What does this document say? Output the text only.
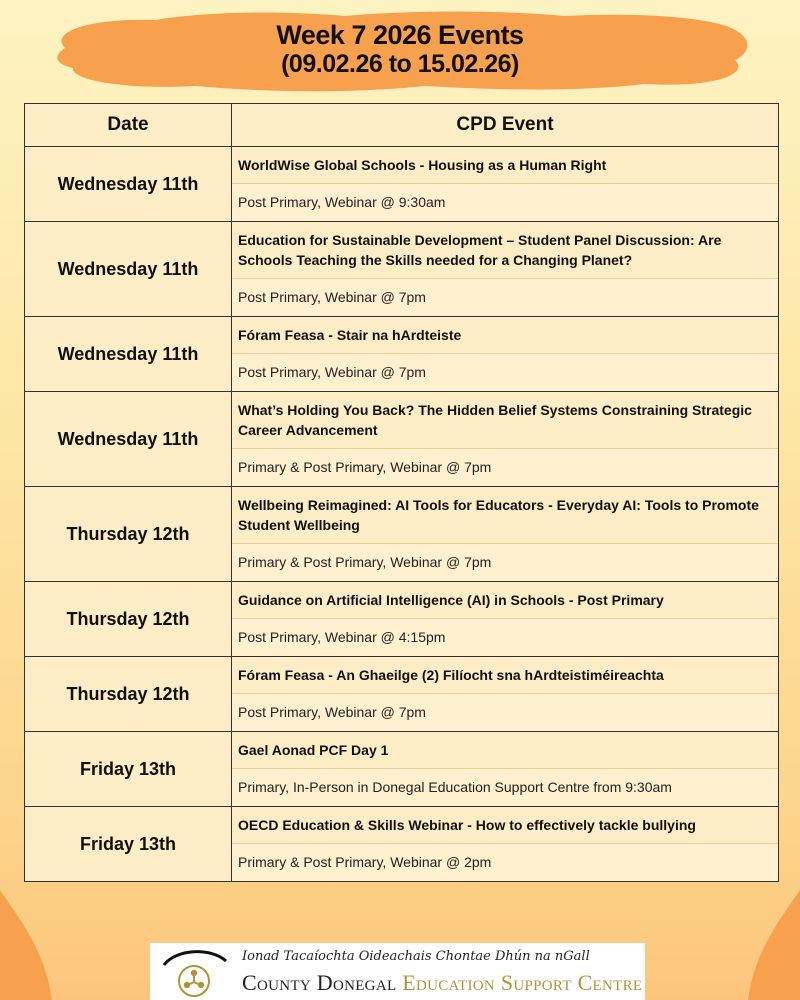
Week 7 2026 Events
(09.02.26 to 15.02.26)
Date	CPD Event
Wednesday 11th	WorldWise Global Schools - Housing as a Human Right
Post Primary, Webinar @ 9:30am

Wednesday 11th	Education for Sustainable Development – Student Panel Discussion: Are Schools Teaching the Skills needed for a Changing Planet?
Post Primary, Webinar @ 7pm

Wednesday 11th	Fóram Feasa - Stair na hArdteiste
Post Primary, Webinar @ 7pm

Wednesday 11th	What’s Holding You Back? The Hidden Belief Systems Constraining Strategic Career Advancement
Primary & Post Primary, Webinar @ 7pm

Thursday 12th	Wellbeing Reimagined: AI Tools for Educators - Everyday AI: Tools to Promote Student Wellbeing
Primary & Post Primary, Webinar @ 7pm

Thursday 12th	Guidance on Artificial Intelligence (AI) in Schools - Post Primary
Post Primary, Webinar @ 4:15pm

Thursday 12th	Fóram Feasa - An Ghaeilge (2) Filíocht sna hArdteistiméireachta
Post Primary, Webinar @ 7pm

Friday 13th	Gael Aonad PCF Day 1
Primary, In-Person in Donegal Education Support Centre from 9:30am

Friday 13th	OECD Education & Skills Webinar - How to effectively tackle bullying
Primary & Post Primary, Webinar @ 2pm
Ionad Tacaíochta Oideachais Chontae Dhún na nGall
County Donegal Education Support Centre
